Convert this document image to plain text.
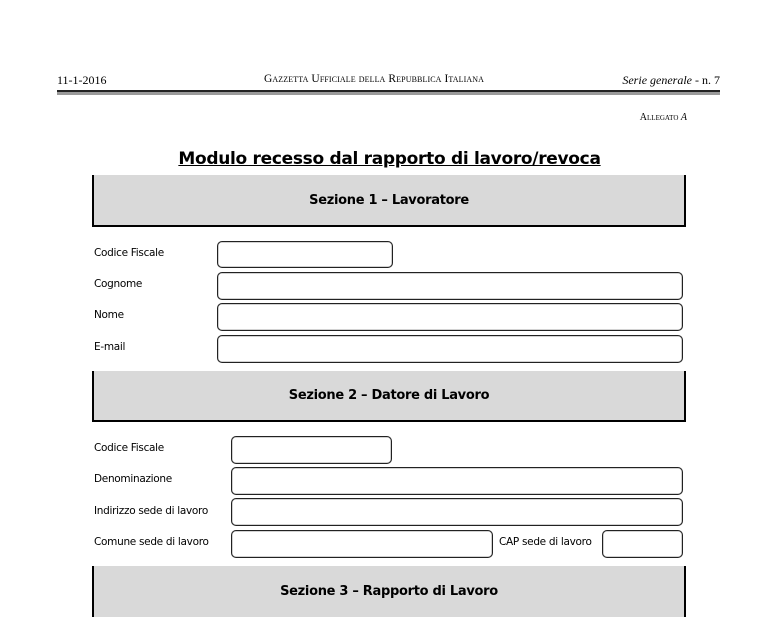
11-1-2016	Gazzetta Ufficiale della Repubblica Italiana	Serie generale - n. 7
Allegato A
Modulo recesso dal rapporto di lavoro/revoca
Sezione 1 – Lavoratore
Codice Fiscale
Cognome
Nome
E-mail
Sezione 2 – Datore di Lavoro
Codice Fiscale
Denominazione
Indirizzo sede di lavoro
Comune sede di lavoro	CAP sede di lavoro
Sezione 3 – Rapporto di Lavoro
